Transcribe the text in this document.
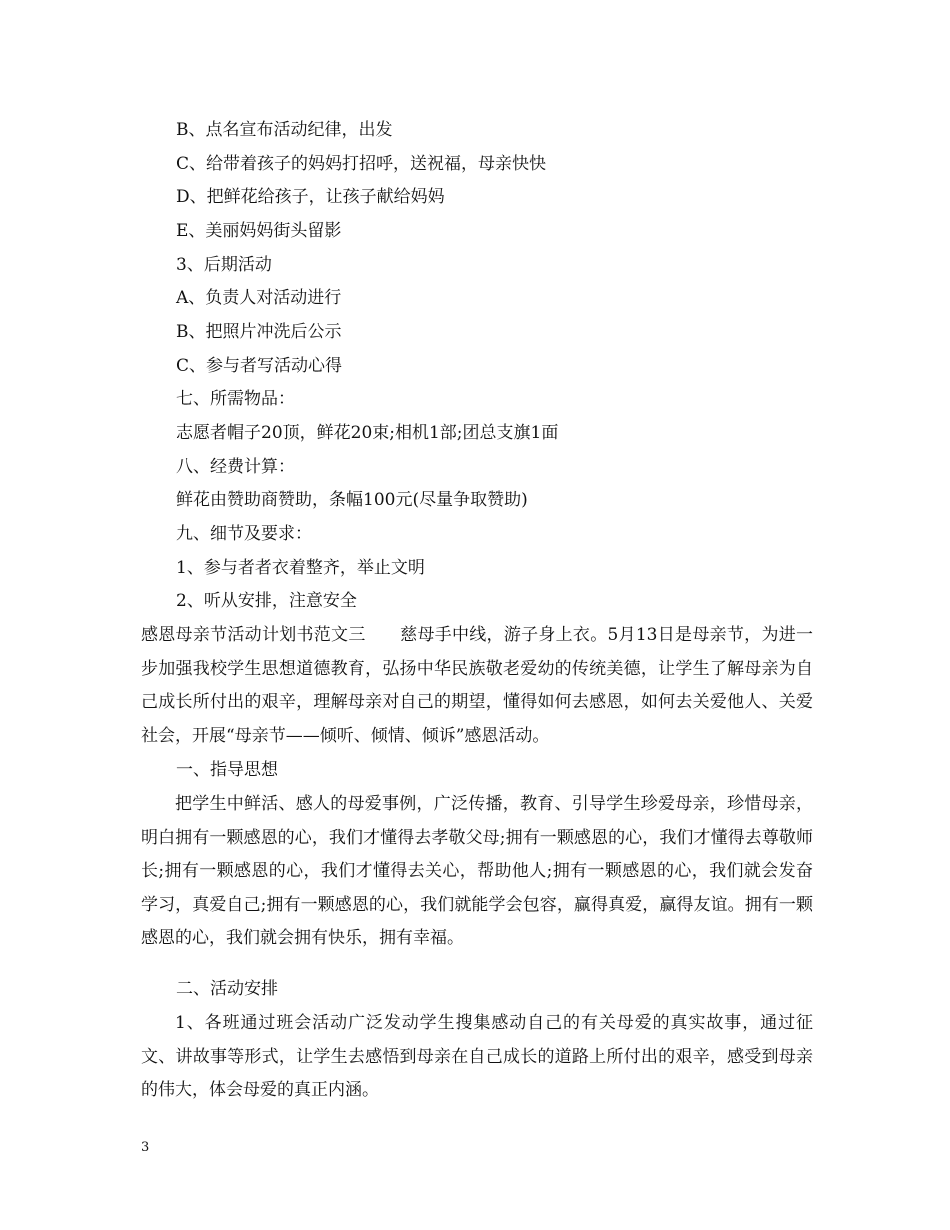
B、点名宣布活动纪律，出发
C、给带着孩子的妈妈打招呼，送祝福，母亲快快
D、把鲜花给孩子，让孩子献给妈妈
E、美丽妈妈街头留影
3、后期活动
A、负责人对活动进行
B、把照片冲洗后公示
C、参与者写活动心得
七、所需物品：
志愿者帽子20顶，鲜花20束;相机1部;团总支旗1面
八、经费计算：
鲜花由赞助商赞助，条幅100元(尽量争取赞助)
九、细节及要求：
1、参与者者衣着整齐，举止文明
2、听从安排，注意安全
感恩母亲节活动计划书范文三　　慈母手中线，游子身上衣。5月13日是母亲节，为进一步加强我校学生思想道德教育，弘扬中华民族敬老爱幼的传统美德，让学生了解母亲为自己成长所付出的艰辛，理解母亲对自己的期望，懂得如何去感恩，如何去关爱他人、关爱社会，开展“母亲节——倾听、倾情、倾诉”感恩活动。
一、指导思想
把学生中鲜活、感人的母爱事例，广泛传播，教育、引导学生珍爱母亲，珍惜母亲，明白拥有一颗感恩的心，我们才懂得去孝敬父母;拥有一颗感恩的心，我们才懂得去尊敬师长;拥有一颗感恩的心，我们才懂得去关心，帮助他人;拥有一颗感恩的心，我们就会发奋学习，真爱自己;拥有一颗感恩的心，我们就能学会包容，赢得真爱，赢得友谊。拥有一颗感恩的心，我们就会拥有快乐，拥有幸福。
二、活动安排
1、各班通过班会活动广泛发动学生搜集感动自己的有关母爱的真实故事，通过征文、讲故事等形式，让学生去感悟到母亲在自己成长的道路上所付出的艰辛，感受到母亲的伟大，体会母爱的真正内涵。
3
